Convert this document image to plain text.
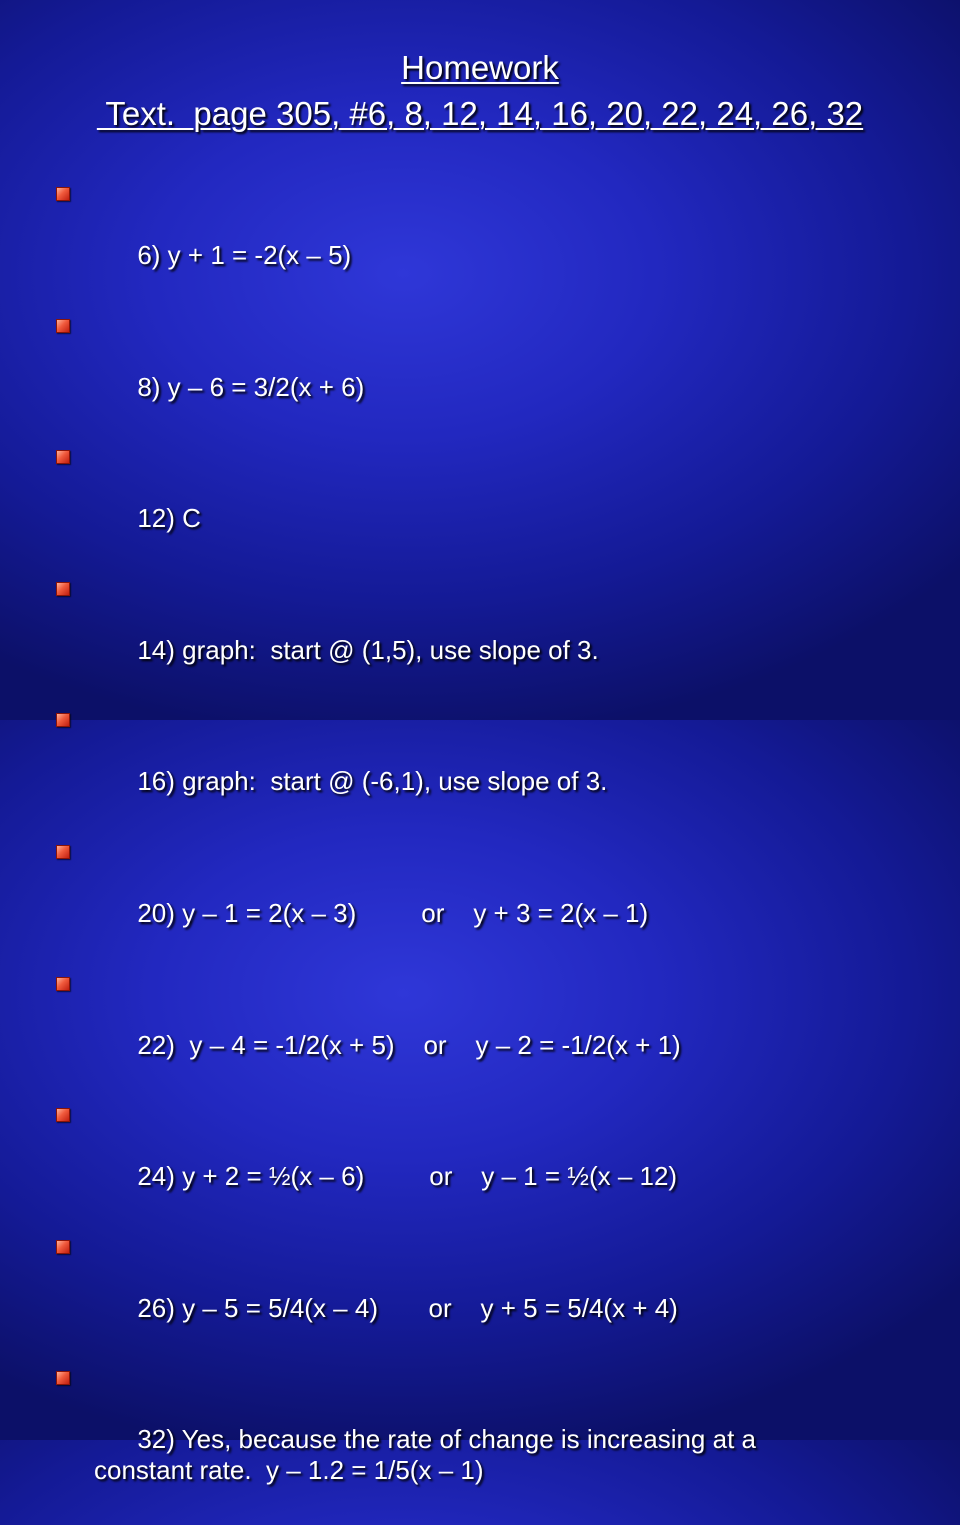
Homework
Text.  page 305, #6, 8, 12, 14, 16, 20, 22, 24, 26, 32

6) y + 1 = -2(x – 5)

8) y – 6 = 3/2(x + 6)

12) C

14) graph:  start @ (1,5), use slope of 3.

16) graph:  start @ (-6,1), use slope of 3.

20) y – 1 = 2(x – 3)         or    y + 3 = 2(x – 1)

22)  y – 4 = -1/2(x + 5)    or    y – 2 = -1/2(x + 1)

24) y + 2 = ½(x – 6)         or    y – 1 = ½(x – 12)

26) y – 5 = 5/4(x – 4)       or    y + 5 = 5/4(x + 4)

32) Yes, because the rate of change is increasing at a constant rate.  y – 1.2 = 1/5(x – 1)
